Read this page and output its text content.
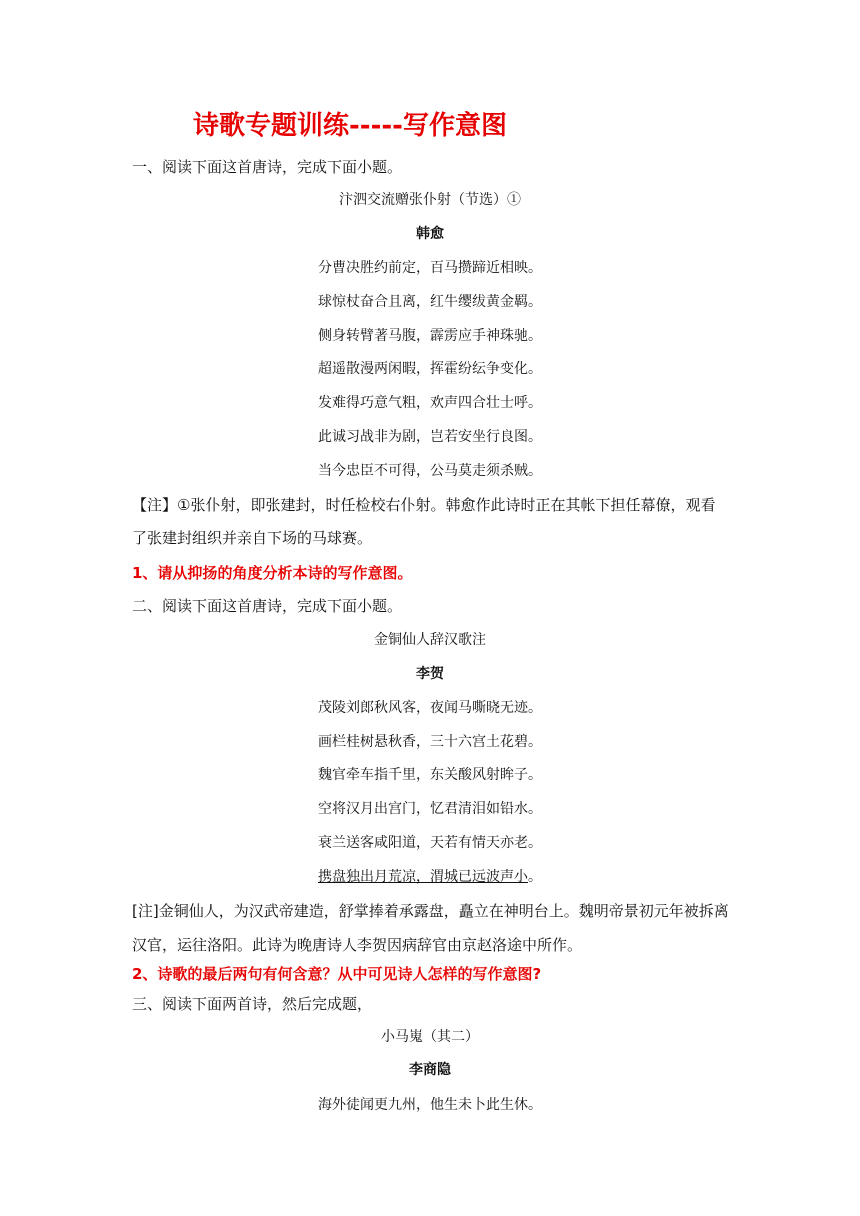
诗歌专题训练-----写作意图
一、阅读下面这首唐诗，完成下面小题。
汴泗交流赠张仆射（节选）①
韩愈
分曹决胜约前定，百马攒蹄近相映。
球惊杖奋合且离，红牛缨绂黄金羁。
侧身转臂著马腹，霹雳应手神珠驰。
超遥散漫两闲暇，挥霍纷纭争变化。
发难得巧意气粗，欢声四合壮士呼。
此诚习战非为剧，岂若安坐行良图。
当今忠臣不可得，公马莫走须杀贼。
【注】①张仆射，即张建封，时任检校右仆射。韩愈作此诗时正在其帐下担任幕僚，观看
了张建封组织并亲自下场的马球赛。
1、请从抑扬的角度分析本诗的写作意图。
二、阅读下面这首唐诗，完成下面小题。
金铜仙人辞汉歌注
李贺
茂陵刘郎秋风客，夜闻马嘶晓无迹。
画栏桂树悬秋香，三十六宫土花碧。
魏官牵车指千里，东关酸风射眸子。
空将汉月出宫门，忆君清泪如铅水。
衰兰送客咸阳道，天若有情天亦老。
携盘独出月荒凉，渭城已远波声小。
[注]金铜仙人，为汉武帝建造，舒掌捧着承露盘，矗立在神明台上。魏明帝景初元年被拆离
汉官，运往洛阳。此诗为晚唐诗人李贺因病辞官由京赵洛途中所作。
2、诗歌的最后两句有何含意？从中可见诗人怎样的写作意图?
三、阅读下面两首诗，然后完成题，
小马嵬（其二）
李商隐
海外徒闻更九州，他生未卜此生休。
